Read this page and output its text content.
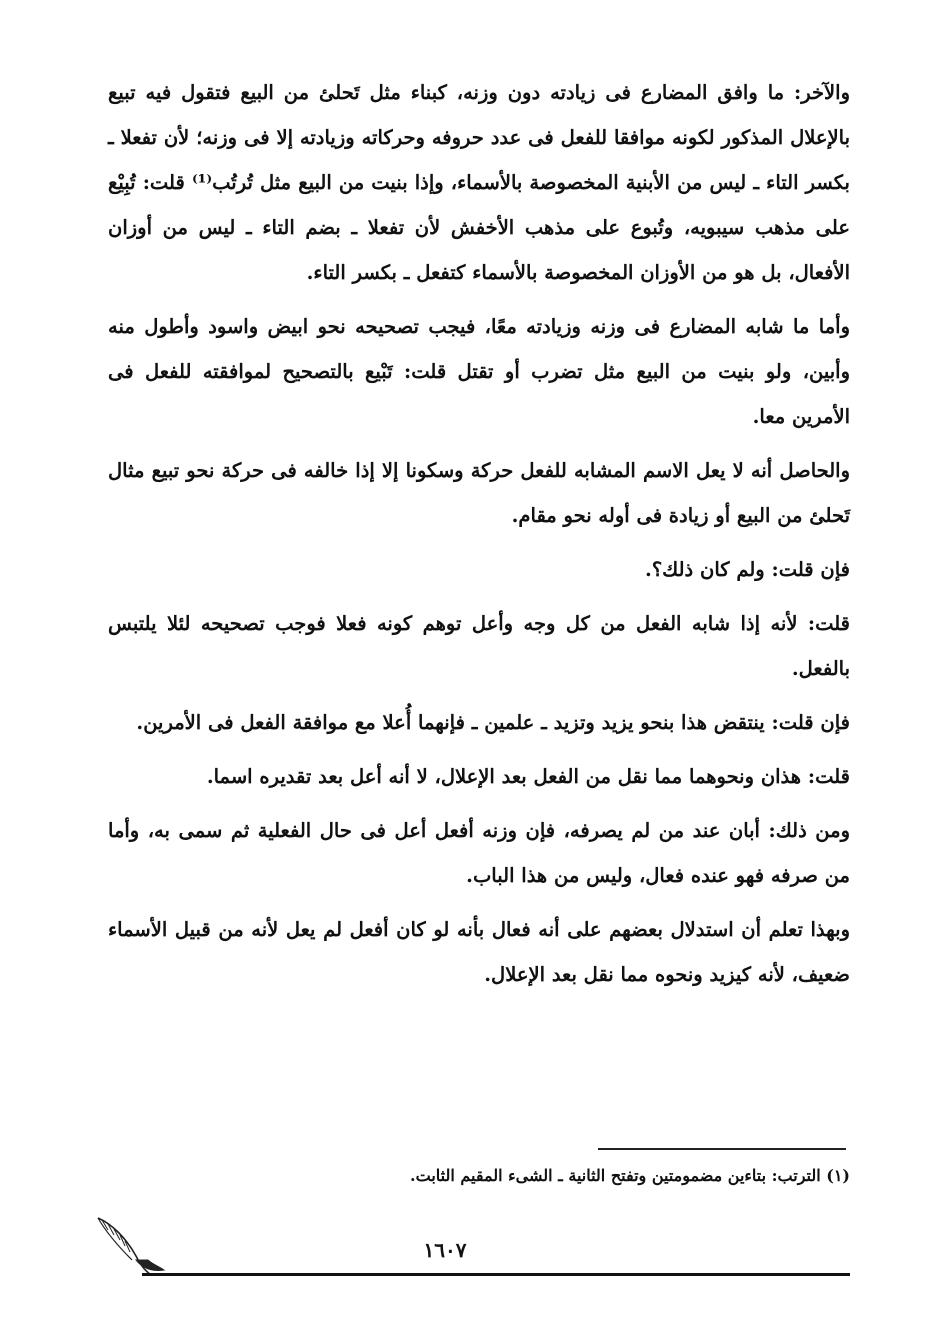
والآخر: ما وافق المضارع فى زيادته دون وزنه، كبناء مثل تَحلئ من البيع فتقول فيه تبيع بالإعلال المذكور لكونه موافقا للفعل فى عدد حروفه وحركاته وزيادته إلا فى وزنه؛ لأن تفعلا ـ بكسر التاء ـ ليس من الأبنية المخصوصة بالأسماء، وإذا بنيت من البيع مثل تُرتُب⁽¹⁾ قلت: تُبِيْع على مذهب سيبويه، وتُبوع على مذهب الأخفش لأن تفعلا ـ بضم التاء ـ ليس من أوزان الأفعال، بل هو من الأوزان المخصوصة بالأسماء كتفعل ـ بكسر التاء.

وأما ما شابه المضارع فى وزنه وزيادته معًا، فيجب تصحيحه نحو ابيض واسود وأطول منه وأبين، ولو بنيت من البيع مثل تضرب أو تقتل قلت: تَبْيع بالتصحيح لموافقته للفعل فى الأمرين معا.

والحاصل أنه لا يعل الاسم المشابه للفعل حركة وسكونا إلا إذا خالفه فى حركة نحو تبيع مثال تَحلئ من البيع أو زيادة فى أوله نحو مقام.

فإن قلت: ولم كان ذلك؟.

قلت: لأنه إذا شابه الفعل من كل وجه وأعل توهم كونه فعلا فوجب تصحيحه لئلا يلتبس بالفعل.

فإن قلت: ينتقض هذا بنحو يزيد وتزيد ـ علمين ـ فإنهما أُعلا مع موافقة الفعل فى الأمرين.

قلت: هذان ونحوهما مما نقل من الفعل بعد الإعلال، لا أنه أعل بعد تقديره اسما.

ومن ذلك: أبان عند من لم يصرفه، فإن وزنه أفعل أعل فى حال الفعلية ثم سمى به، وأما من صرفه فهو عنده فعال، وليس من هذا الباب.

وبهذا تعلم أن استدلال بعضهم على أنه فعال بأنه لو كان أفعل لم يعل لأنه من قبيل الأسماء ضعيف، لأنه كيزيد ونحوه مما نقل بعد الإعلال.

(١) الترتب: بتاءين مضمومتين وتفتح الثانية ـ الشىء المقيم الثابت.
١٦٠٧
